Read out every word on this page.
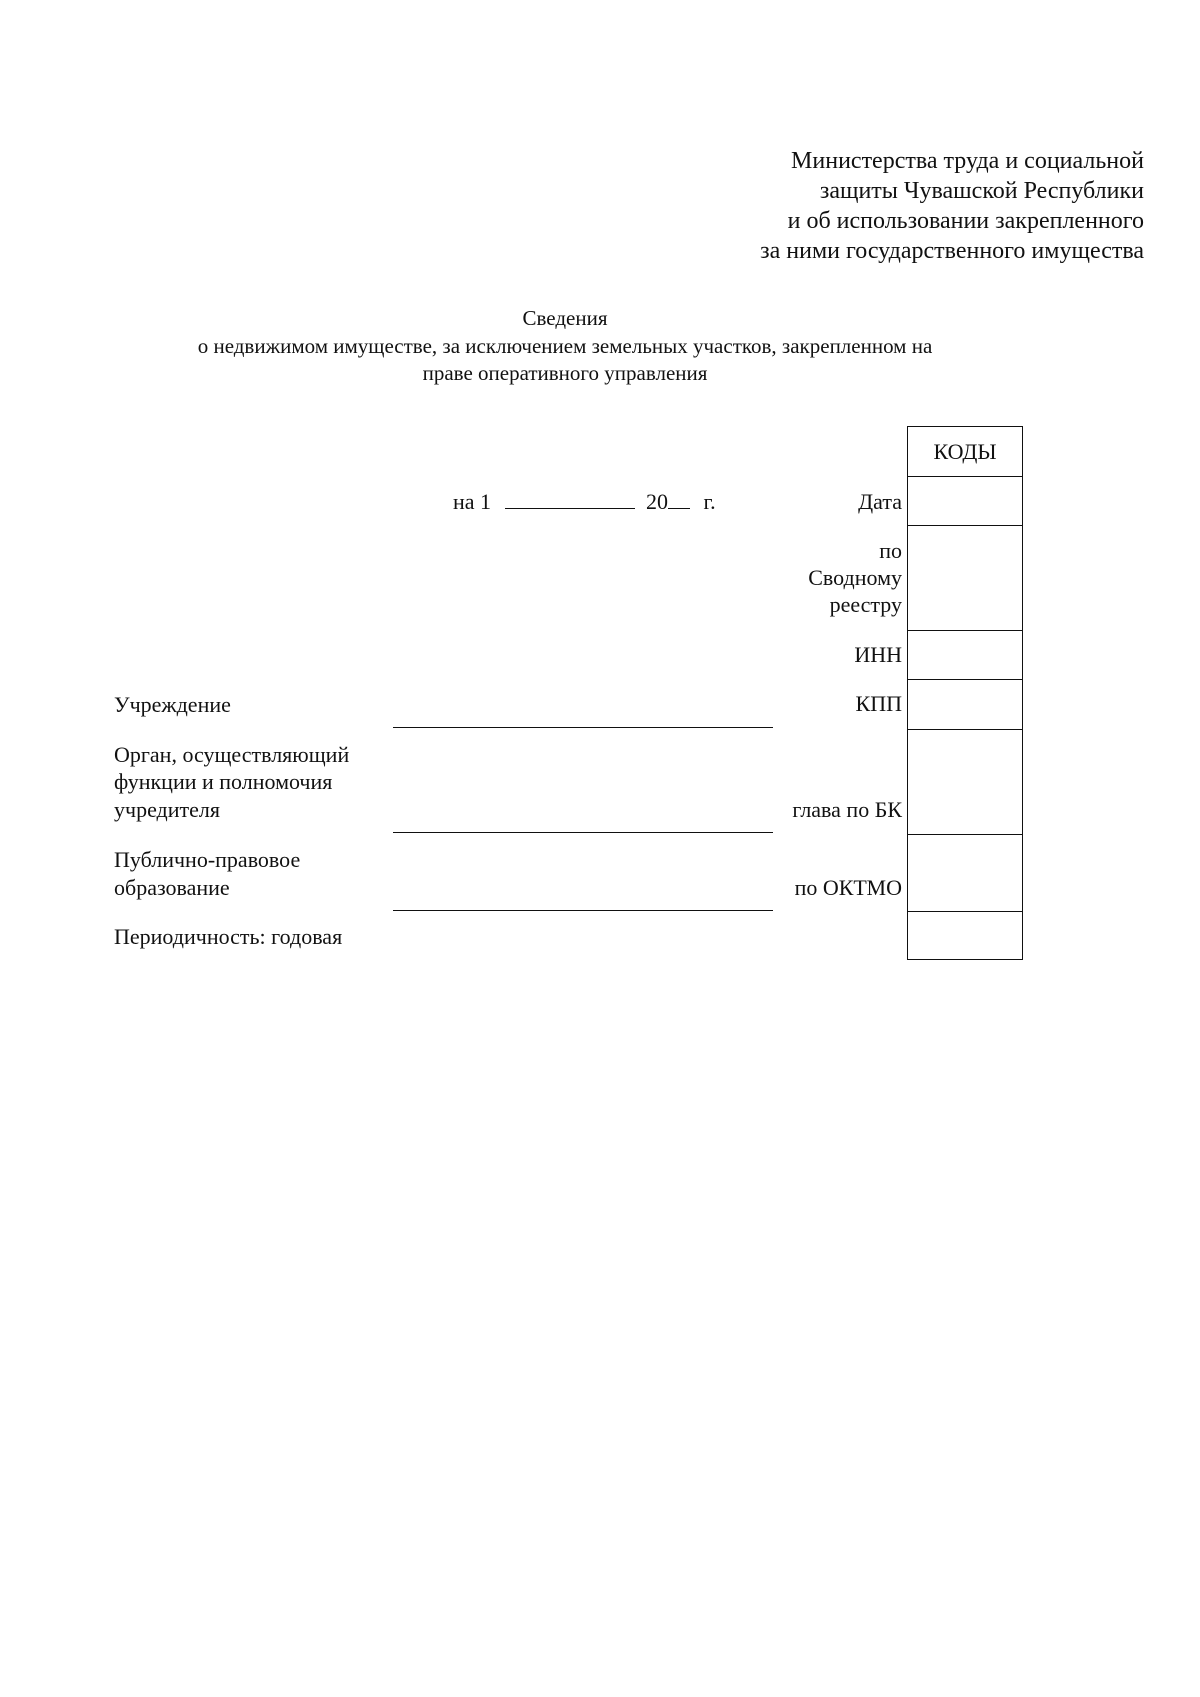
Министерства труда и социальной
защиты Чувашской Республики
и об использовании закрепленного
за ними государственного имущества
Сведения
о недвижимом имуществе, за исключением земельных участков, закрепленном на
праве оперативного управления
на 1	20 г.	Дата
по
Сводному
реестру
ИНН
КПП
глава по БК
по ОКТМО
КОДЫ
Учреждение
Орган, осуществляющий
функции и полномочия
учредителя
Публично-правовое
образование
Периодичность: годовая
